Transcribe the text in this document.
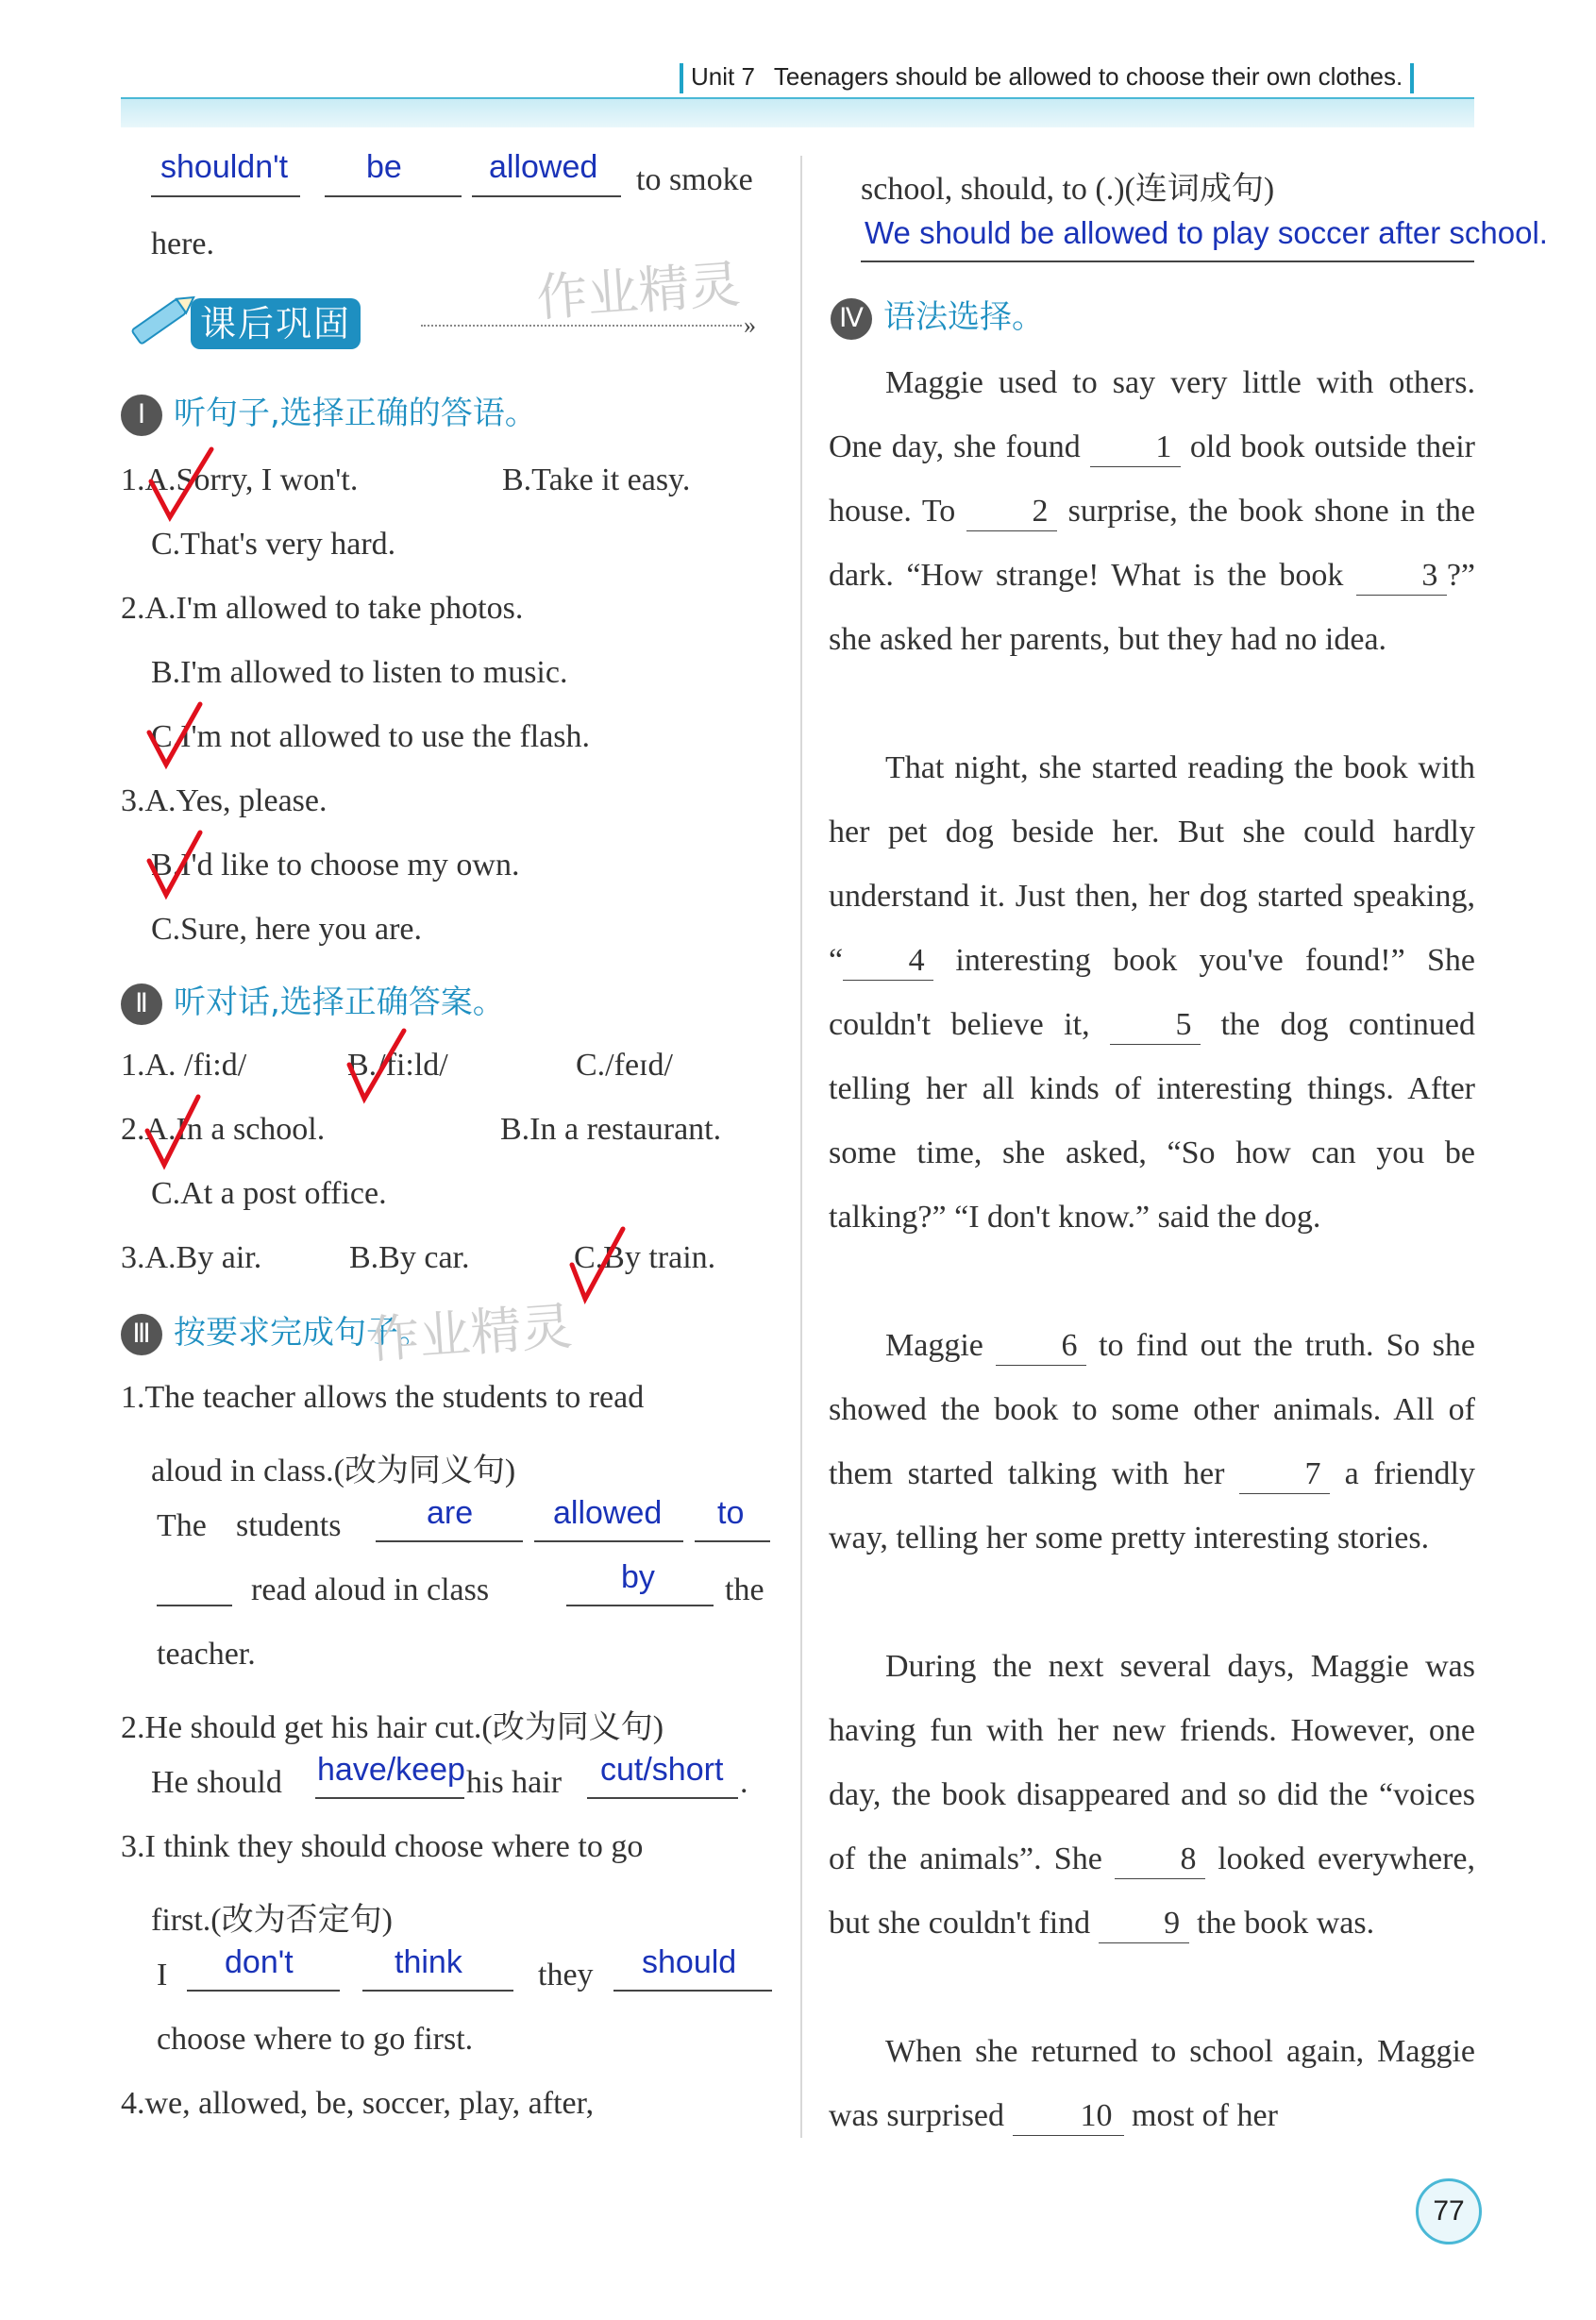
Unit 7 Teenagers should be allowed to choose their own clothes.
shouldn't be	allowed to smoke
here.
课后巩固	»
作业精灵
Ⅰ 听句子,选择正确的答语。
1.A.Sorry, I won't.	B.Take it easy.
C.That's very hard.
2.A.I'm allowed to take photos.
B.I'm allowed to listen to music.
C.I'm not allowed to use the flash.
3.A.Yes, please.
B.I'd like to choose my own.
C.Sure, here you are.
Ⅱ 听对话,选择正确答案。
1.A. /fi:d/	B./fi:ld/	C./feɪd/
2.A.In a school.	B.In a restaurant.
C.At a post office.
3.A.By air.	B.By car.	C.By train.
Ⅲ 按要求完成句子。
作业精灵
1.The teacher allows the students to read
aloud in class.(改为同义句)
The students	are allowed to
read aloud in class	by the
teacher.
2.He should get his hair cut.(改为同义句)
He should have/keep his hair cut/short .
3.I think they should choose where to go
first.(改为否定句)
I don't	think they should
choose where to go first.
4.we, allowed, be, soccer, play, after,
school, should, to (.)(连词成句)
We should be allowed to play soccer after school.
Ⅳ 语法选择。
Maggie used to say very little with others. One day, she found 1 old book outside their house. To 2 surprise, the book shone in the dark. “How strange! What is the book 3 ?” she asked her parents, but they had no idea.
That night, she started reading the book with her pet dog beside her. But she could hardly understand it. Just then, her dog started speaking, “ 4 interesting book you've found!” She couldn't believe it,	5 the dog continued telling her all kinds of interesting things. After some time, she asked, “So how can you be talking?” “I don't know.” said the dog.
Maggie 6 to find out the truth. So she showed the book to some other animals. All of them started talking with her	7 a friendly way, telling her some pretty interesting stories.
During the next several days, Maggie was having fun with her new friends. However, one day, the book disappeared and so did the “voices of the animals”. She 8 looked everywhere, but she couldn't find 9 the book was.
When she returned to school again, Maggie was surprised 10 most of her
77
